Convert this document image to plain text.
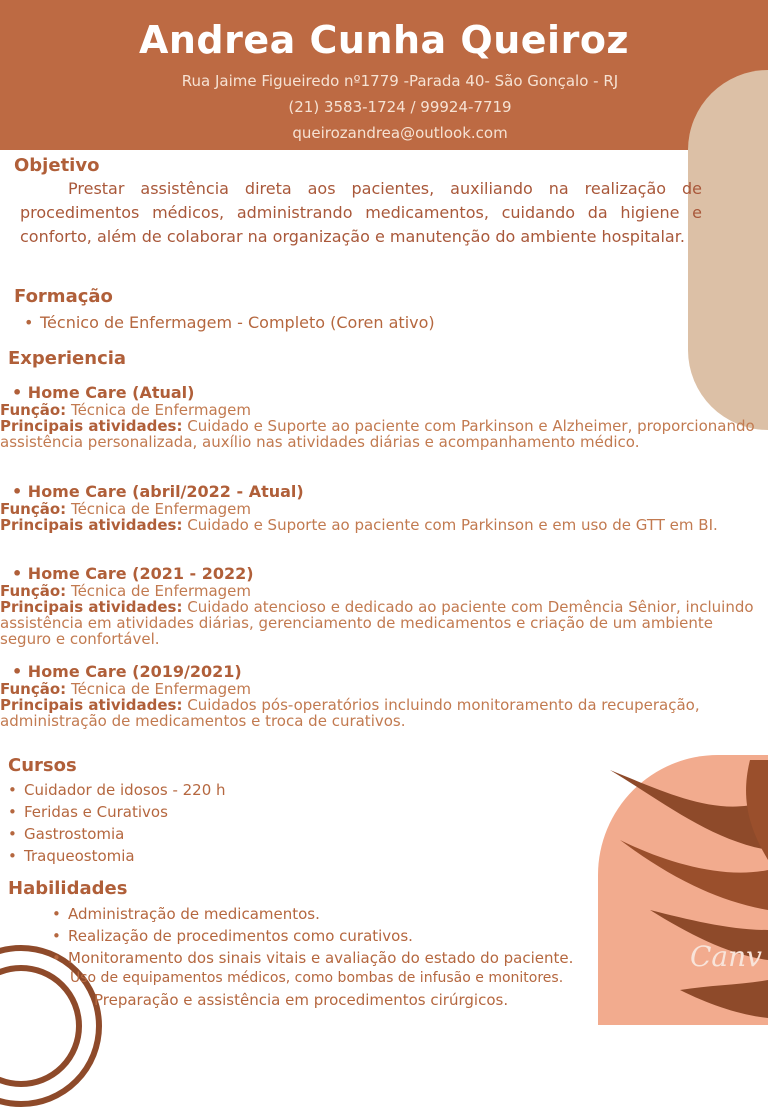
Andrea Cunha Queiroz
Rua Jaime Figueiredo nº1779 -Parada 40- São Gonçalo - RJ
(21) 3583-1724 / 99924-7719
queirozandrea@outlook.com
Canv
Objetivo
Prestar assistência direta aos pacientes, auxiliando na realização de procedimentos médicos, administrando medicamentos, cuidando da higiene e conforto, além de colaborar na organização e manutenção do ambiente hospitalar.
Formação
• Técnico de Enfermagem - Completo (Coren ativo)
Experiencia
• Home Care (Atual)
Função: Técnica de Enfermagem
Principais atividades: Cuidado e Suporte ao paciente com Parkinson e Alzheimer, proporcionando assistência personalizada, auxílio nas atividades diárias e acompanhamento médico.
• Home Care (abril/2022 - Atual)
Função: Técnica de Enfermagem
Principais atividades: Cuidado e Suporte ao paciente com Parkinson e em uso de GTT em BI.
• Home Care (2021 - 2022)
Função: Técnica de Enfermagem
Principais atividades: Cuidado atencioso e dedicado ao paciente com Demência Sênior, incluindo assistência em atividades diárias, gerenciamento de medicamentos e criação de um ambiente seguro e confortável.
• Home Care (2019/2021)
Função: Técnica de Enfermagem
Principais atividades: Cuidados pós-operatórios incluindo monitoramento da recuperação, administração de medicamentos e troca de curativos.
Cursos
• Cuidador de idosos - 220 h
• Feridas e Curativos
• Gastrostomia
• Traqueostomia
Habilidades
• Administração de medicamentos.
• Realização de procedimentos como curativos.
• Monitoramento dos sinais vitais e avaliação do estado do paciente.
Uso de equipamentos médicos, como bombas de infusão e monitores.
Preparação e assistência em procedimentos cirúrgicos.
